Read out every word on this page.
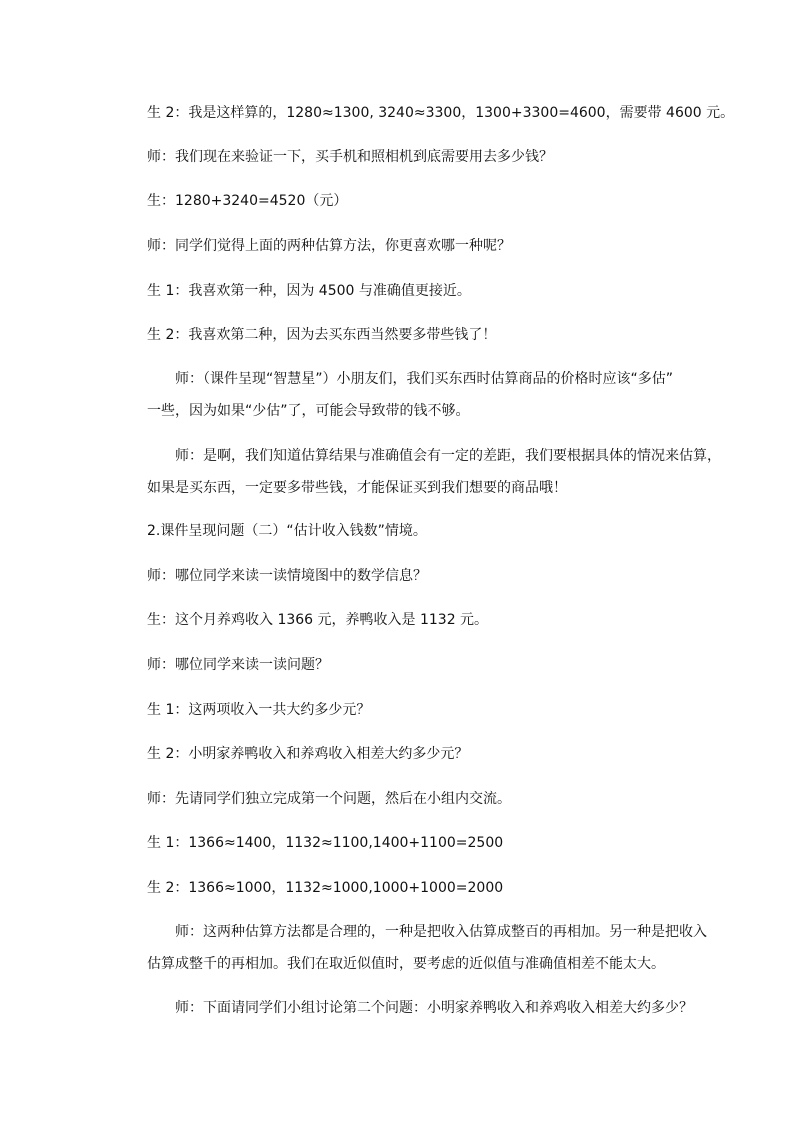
生 2：我是这样算的，1280≈1300, 3240≈3300，1300+3300=4600，需要带 4600 元。
师：我们现在来验证一下，买手机和照相机到底需要用去多少钱？
生：1280+3240=4520（元）
师：同学们觉得上面的两种估算方法，你更喜欢哪一种呢？
生 1：我喜欢第一种，因为 4500 与准确值更接近。
生 2：我喜欢第二种，因为去买东西当然要多带些钱了！
师：（课件呈现“智慧星”）小朋友们，我们买东西时估算商品的价格时应该“多估”
一些，因为如果“少估”了，可能会导致带的钱不够。
师：是啊，我们知道估算结果与准确值会有一定的差距，我们要根据具体的情况来估算，
如果是买东西，一定要多带些钱，才能保证买到我们想要的商品哦！
2.课件呈现问题（二）“估计收入钱数”情境。
师：哪位同学来读一读情境图中的数学信息？
生：这个月养鸡收入 1366 元，养鸭收入是 1132 元。
师：哪位同学来读一读问题？
生 1：这两项收入一共大约多少元？
生 2：小明家养鸭收入和养鸡收入相差大约多少元？
师：先请同学们独立完成第一个问题，然后在小组内交流。
生 1：1366≈1400，1132≈1100,1400+1100=2500
生 2：1366≈1000，1132≈1000,1000+1000=2000
师：这两种估算方法都是合理的，一种是把收入估算成整百的再相加。另一种是把收入
估算成整千的再相加。我们在取近似值时，要考虑的近似值与准确值相差不能太大。
师：下面请同学们小组讨论第二个问题：小明家养鸭收入和养鸡收入相差大约多少？
